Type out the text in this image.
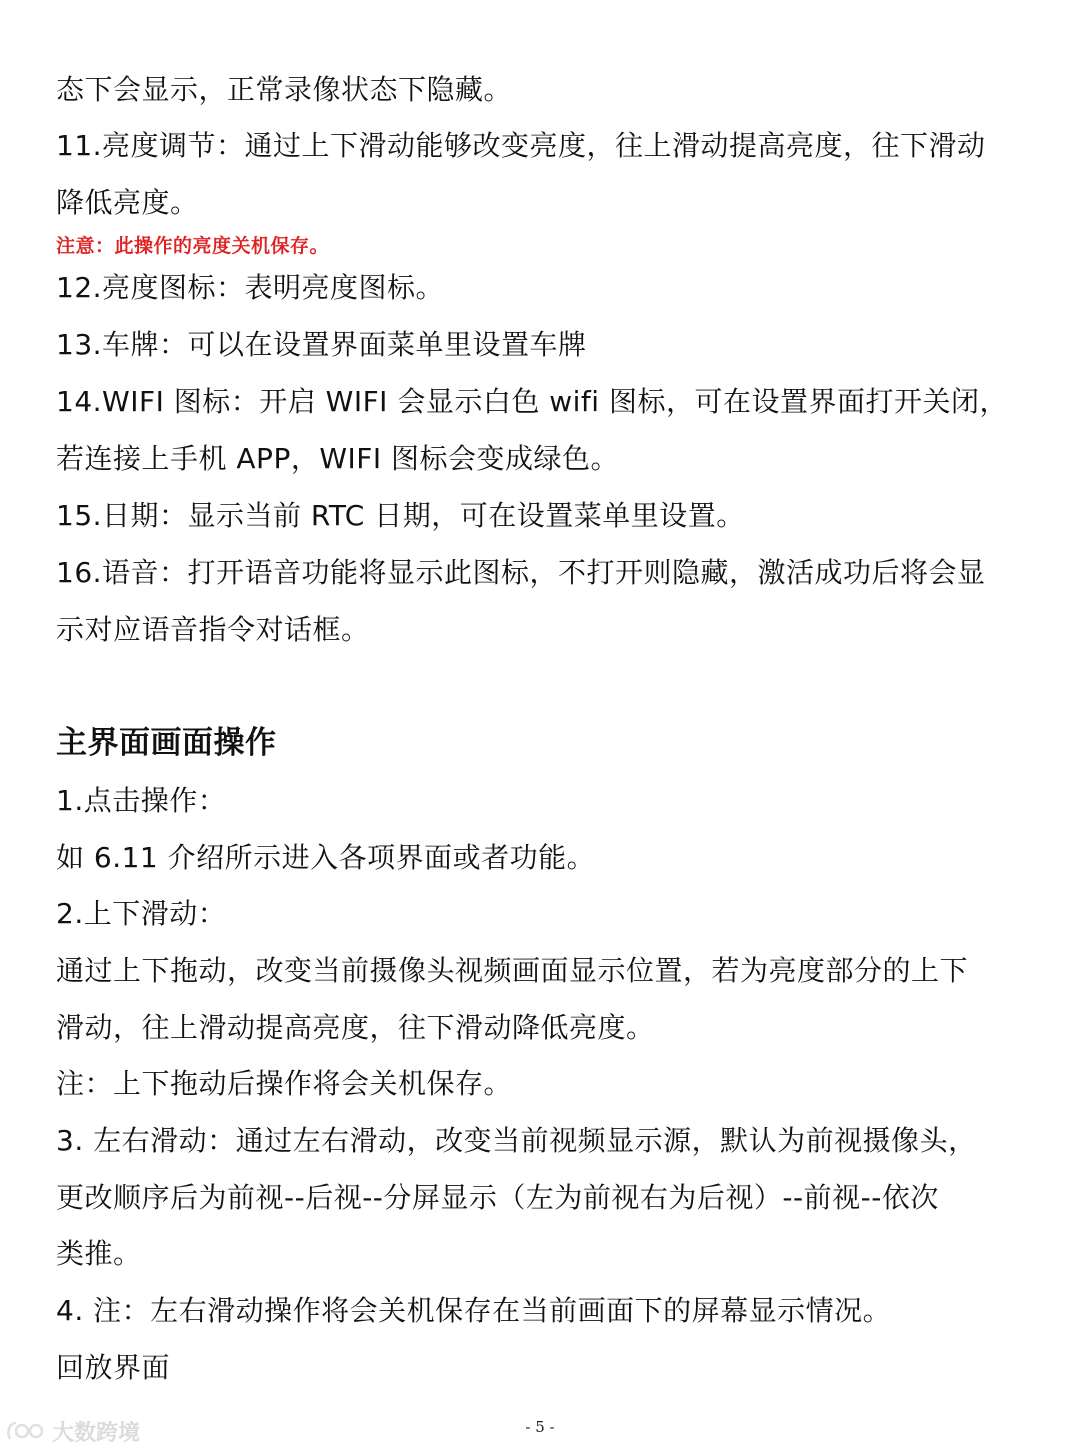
态下会显示，正常录像状态下隐藏。
11.亮度调节：通过上下滑动能够改变亮度，往上滑动提高亮度，往下滑动
降低亮度。
注意：此操作的亮度关机保存。
12.亮度图标：表明亮度图标。
13.车牌：可以在设置界面菜单里设置车牌
14.WIFI 图标：开启 WIFI 会显示白色 wifi 图标，可在设置界面打开关闭，
若连接上手机 APP，WIFI 图标会变成绿色。
15.日期：显示当前 RTC 日期，可在设置菜单里设置。
16.语音：打开语音功能将显示此图标，不打开则隐藏，激活成功后将会显
示对应语音指令对话框。
主界面画面操作
1.点击操作：
如 6.11 介绍所示进入各项界面或者功能。
2.上下滑动：
通过上下拖动，改变当前摄像头视频画面显示位置，若为亮度部分的上下
滑动，往上滑动提高亮度，往下滑动降低亮度。
注：上下拖动后操作将会关机保存。
3. 左右滑动：通过左右滑动，改变当前视频显示源，默认为前视摄像头，
更改顺序后为前视--后视--分屏显示（左为前视右为后视）--前视--依次
类推。
4. 注：左右滑动操作将会关机保存在当前画面下的屏幕显示情况。
回放界面
大数跨境	- 5 -
